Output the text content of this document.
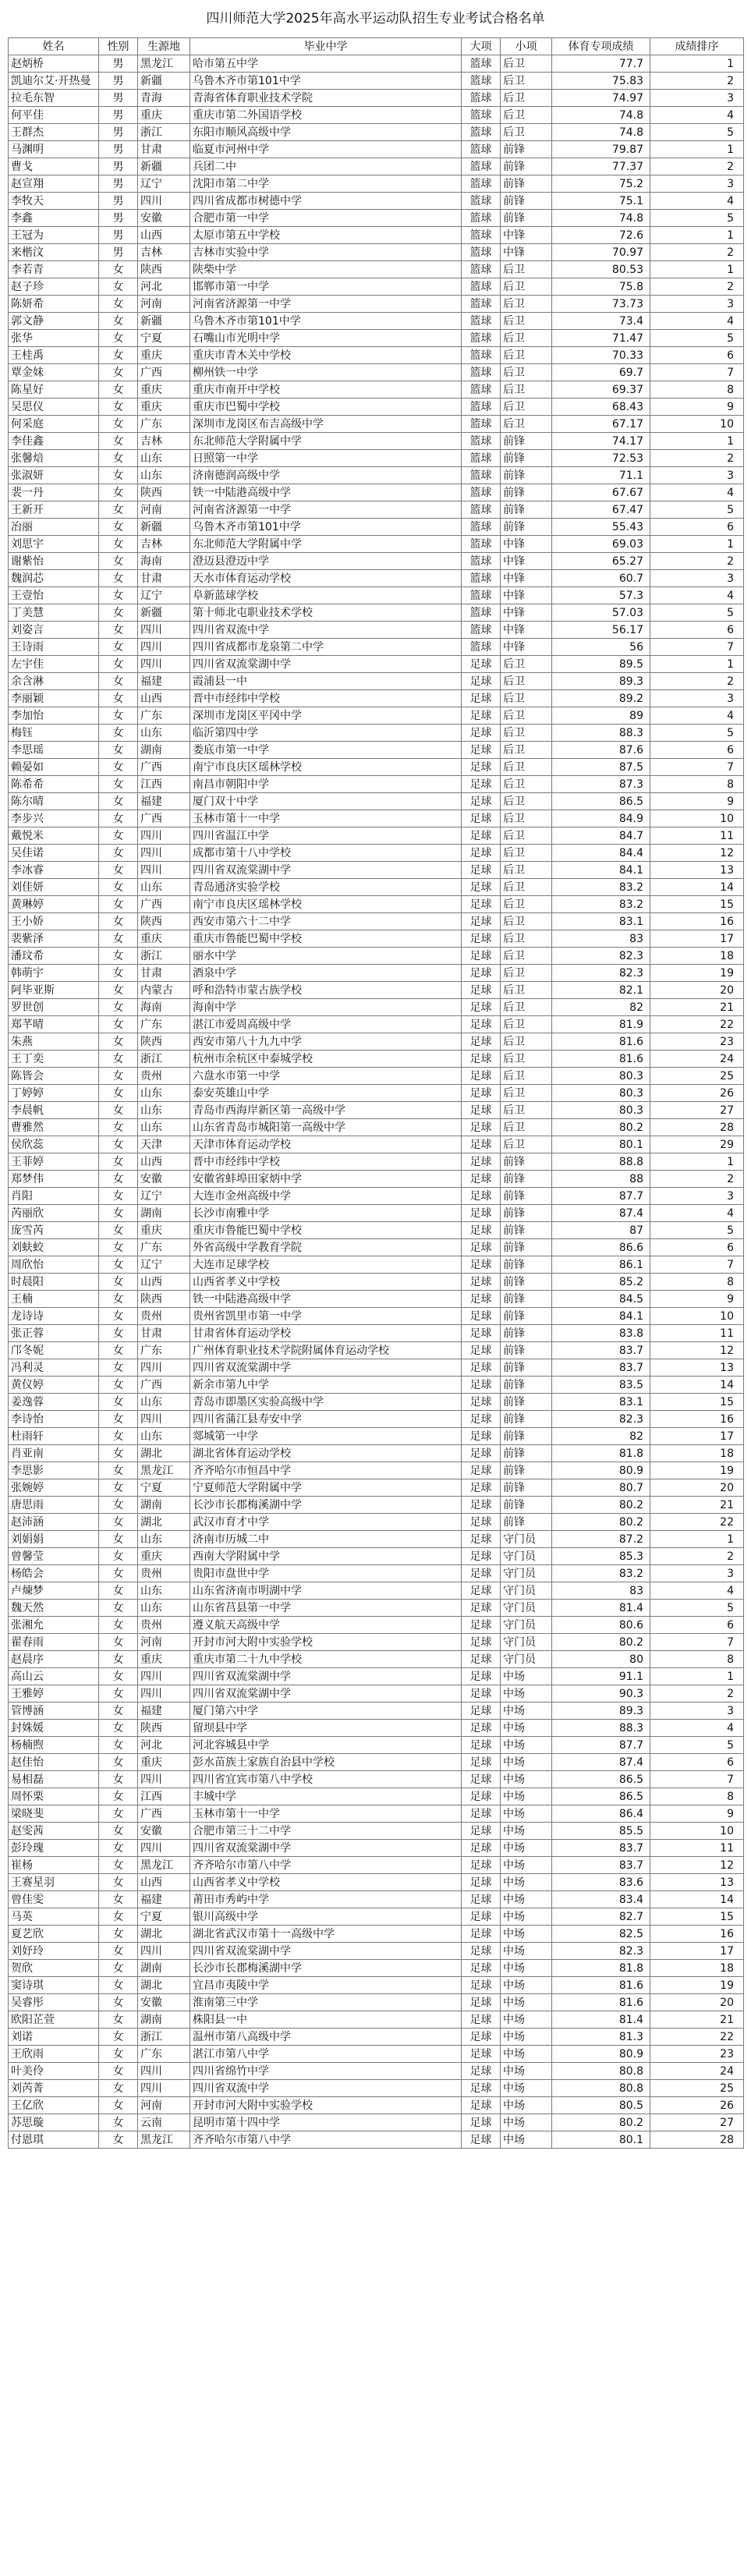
四川师范大学2025年高水平运动队招生专业考试合格名单
姓名	性别	生源地	毕业中学	大项	小项	体育专项成绩	成绩排序
赵炳桥	男	黑龙江	哈市第五中学	篮球	后卫	77.7	1
凯迪尔艾·开热曼	男	新疆	乌鲁木齐市第101中学	篮球	后卫	75.83	2
拉毛东智	男	青海	青海省体育职业技术学院	篮球	后卫	74.97	3
何平佳	男	重庆	重庆市第二外国语学校	篮球	后卫	74.8	4
王群杰	男	浙江	东阳市顺风高级中学	篮球	后卫	74.8	5
马渊明	男	甘肃	临夏市河州中学	篮球	前锋	79.87	1
曹戈	男	新疆	兵团二中	篮球	前锋	77.37	2
赵宣翔	男	辽宁	沈阳市第二中学	篮球	前锋	75.2	3
李牧天	男	四川	四川省成都市树德中学	篮球	前锋	75.1	4
李鑫	男	安徽	合肥市第一中学	篮球	前锋	74.8	5
王冠为	男	山西	太原市第五中学校	篮球	中锋	72.6	1
来楷汶	男	吉林	吉林市实验中学	篮球	中锋	70.97	2
李若青	女	陕西	陕柴中学	篮球	后卫	80.53	1
赵子珍	女	河北	邯郸市第一中学	篮球	后卫	75.8	2
陈妍希	女	河南	河南省济源第一中学	篮球	后卫	73.73	3
郭文静	女	新疆	乌鲁木齐市第101中学	篮球	后卫	73.4	4
张华	女	宁夏	石嘴山市光明中学	篮球	后卫	71.47	5
王桂禹	女	重庆	重庆市青木关中学校	篮球	后卫	70.33	6
覃金妹	女	广西	柳州铁一中学	篮球	后卫	69.7	7
陈星好	女	重庆	重庆市南开中学校	篮球	后卫	69.37	8
吴思仪	女	重庆	重庆市巴蜀中学校	篮球	后卫	68.43	9
何采庭	女	广东	深圳市龙岗区布吉高级中学	篮球	后卫	67.17	10
李佳鑫	女	吉林	东北师范大学附属中学	篮球	前锋	74.17	1
张馨焙	女	山东	日照第一中学	篮球	前锋	72.53	2
张淑妍	女	山东	济南德润高级中学	篮球	前锋	71.1	3
裴一丹	女	陕西	铁一中陆港高级中学	篮球	前锋	67.67	4
王新开	女	河南	河南省济源第一中学	篮球	前锋	67.47	5
冶丽	女	新疆	乌鲁木齐市第101中学	篮球	前锋	55.43	6
刘思宇	女	吉林	东北师范大学附属中学	篮球	中锋	69.03	1
谢紫怡	女	海南	澄迈县澄迈中学	篮球	中锋	65.27	2
魏润芯	女	甘肃	天水市体育运动学校	篮球	中锋	60.7	3
王壹怡	女	辽宁	阜新蓝球学校	篮球	中锋	57.3	4
丁美慧	女	新疆	第十师北屯职业技术学校	篮球	中锋	57.03	5
刘姿言	女	四川	四川省双流中学	篮球	中锋	56.17	6
王诗雨	女	四川	四川省成都市龙泉第二中学	篮球	中锋	56	7
左宇佳	女	四川	四川省双流棠湖中学	足球	后卫	89.5	1
余含淋	女	福建	霞浦县一中	足球	后卫	89.3	2
李丽颖	女	山西	晋中市经纬中学校	足球	后卫	89.2	3
李加怡	女	广东	深圳市龙岗区平冈中学	足球	后卫	89	4
梅钰	女	山东	临沂第四中学	足球	后卫	88.3	5
李思瑶	女	湖南	娄底市第一中学	足球	后卫	87.6	6
赖晏如	女	广西	南宁市良庆区瑶林学校	足球	后卫	87.5	7
陈希希	女	江西	南昌市朝阳中学	足球	后卫	87.3	8
陈尔晴	女	福建	厦门双十中学	足球	后卫	86.5	9
李步兴	女	广西	玉林市第十一中学	足球	后卫	84.9	10
戴悦米	女	四川	四川省温江中学	足球	后卫	84.7	11
吴佳诺	女	四川	成都市第十八中学校	足球	后卫	84.4	12
李冰睿	女	四川	四川省双流棠湖中学	足球	后卫	84.1	13
刘佳妍	女	山东	青岛通济实验学校	足球	后卫	83.2	14
黄琳婷	女	广西	南宁市良庆区瑶林学校	足球	后卫	83.2	15
王小娇	女	陕西	西安市第六十二中学	足球	后卫	83.1	16
裴紫泽	女	重庆	重庆市鲁能巴蜀中学校	足球	后卫	83	17
潘玟希	女	浙江	丽水中学	足球	后卫	82.3	18
韩萌宇	女	甘肃	酒泉中学	足球	后卫	82.3	19
阿毕亚斯	女	内蒙古	呼和浩特市蒙古族学校	足球	后卫	82.1	20
罗世创	女	海南	海南中学	足球	后卫	82	21
郑芊晴	女	广东	湛江市爱周高级中学	足球	后卫	81.9	22
朱燕	女	陕西	西安市第八十九九中学	足球	后卫	81.6	23
王丁奕	女	浙江	杭州市余杭区中泰城学校	足球	后卫	81.6	24
陈皆会	女	贵州	六盘水市第一中学	足球	后卫	80.3	25
丁婷婷	女	山东	泰安英雄山中学	足球	后卫	80.3	26
李晨帆	女	山东	青岛市西海岸新区第一高级中学	足球	后卫	80.3	27
曹雅然	女	山东	山东省青岛市城阳第一高级中学	足球	后卫	80.2	28
侯欣蕊	女	天津	天津市体育运动学校	足球	后卫	80.1	29
王菲婷	女	山西	晋中市经纬中学校	足球	前锋	88.8	1
郑梦伟	女	安徽	安徽省蚌埠田家炳中学	足球	前锋	88	2
肖阳	女	辽宁	大连市金州高级中学	足球	前锋	87.7	3
芮丽欣	女	湖南	长沙市南雅中学	足球	前锋	87.4	4
庞雪芮	女	重庆	重庆市鲁能巴蜀中学校	足球	前锋	87	5
刘蚨蛟	女	广东	外省高级中学教育学院	足球	前锋	86.6	6
周欣怡	女	辽宁	大连市足球学校	足球	前锋	86.1	7
时晨阳	女	山西	山西省孝义中学校	足球	前锋	85.2	8
王楠	女	陕西	铁一中陆港高级中学	足球	前锋	84.5	9
龙诗诗	女	贵州	贵州省凯里市第一中学	足球	前锋	84.1	10
张正蓉	女	甘肃	甘肃省体育运动学校	足球	前锋	83.8	11
邝冬妮	女	广东	广州体育职业技术学院附属体育运动学校	足球	前锋	83.7	12
冯利灵	女	四川	四川省双流棠湖中学	足球	前锋	83.7	13
黄仪婷	女	广西	新余市第九中学	足球	前锋	83.5	14
姜逸蓉	女	山东	青岛市即墨区实验高级中学	足球	前锋	83.1	15
李诗怡	女	四川	四川省蒲江县寿安中学	足球	前锋	82.3	16
杜雨轩	女	山东	郯城第一中学	足球	前锋	82	17
肖亚南	女	湖北	湖北省体育运动学校	足球	前锋	81.8	18
李思影	女	黑龙江	齐齐哈尔市恒昌中学	足球	前锋	80.9	19
张婉婷	女	宁夏	宁夏师范大学附属中学	足球	前锋	80.7	20
唐思雨	女	湖南	长沙市长郡梅溪湖中学	足球	前锋	80.2	21
赵沛涵	女	湖北	武汉市育才中学	足球	前锋	80.2	22
刘娟娟	女	山东	济南市历城二中	足球	守门员	87.2	1
曾馨莹	女	重庆	西南大学附属中学	足球	守门员	85.3	2
杨皓会	女	贵州	贵阳市盘世中学	足球	守门员	83.2	3
卢煉梦	女	山东	山东省济南市明湖中学	足球	守门员	83	4
魏天然	女	山东	山东省莒县第一中学	足球	守门员	81.4	5
张湘允	女	贵州	遵义航天高级中学	足球	守门员	80.6	6
翟春雨	女	河南	开封市河大附中实验学校	足球	守门员	80.2	7
赵晨序	女	重庆	重庆市第二十九中学校	足球	守门员	80	8
高山云	女	四川	四川省双流棠湖中学	足球	中场	91.1	1
王雅婷	女	四川	四川省双流棠湖中学	足球	中场	90.3	2
管博涵	女	福建	厦门第六中学	足球	中场	89.3	3
封姝媛	女	陕西	留坝县中学	足球	中场	88.3	4
杨楠煦	女	河北	河北容城县中学	足球	中场	87.7	5
赵佳怡	女	重庆	彭水苗族土家族自治县中学校	足球	中场	87.4	6
易相磊	女	四川	四川省宜宾市第八中学校	足球	中场	86.5	7
周怀栗	女	江西	丰城中学	足球	中场	86.5	8
梁晓斐	女	广西	玉林市第十一中学	足球	中场	86.4	9
赵雯茜	女	安徽	合肥市第三十二中学	足球	中场	85.5	10
彭玲瑰	女	四川	四川省双流棠湖中学	足球	中场	83.7	11
崔杨	女	黑龙江	齐齐哈尔市第八中学	足球	中场	83.7	12
王赛星羽	女	山西	山西省孝义中学校	足球	中场	83.6	13
曾佳雯	女	福建	莆田市秀屿中学	足球	中场	83.4	14
马英	女	宁夏	银川高级中学	足球	中场	82.7	15
夏艺欣	女	湖北	湖北省武汉市第十一高级中学	足球	中场	82.5	16
刘妤玲	女	四川	四川省双流棠湖中学	足球	中场	82.3	17
贺欣	女	湖南	长沙市长郡梅溪湖中学	足球	中场	81.8	18
窦诗琪	女	湖北	宜昌市夷陵中学	足球	中场	81.6	19
吴睿彤	女	安徽	淮南第三中学	足球	中场	81.6	20
欧阳芷萱	女	湖南	株阳县一中	足球	中场	81.4	21
刘诺	女	浙江	温州市第八高级中学	足球	中场	81.3	22
王欣雨	女	广东	湛江市第八中学	足球	中场	80.9	23
叶美伶	女	四川	四川省绵竹中学	足球	中场	80.8	24
刘芮菁	女	四川	四川省双流中学	足球	中场	80.8	25
王亿欣	女	河南	开封市河大附中实验学校	足球	中场	80.5	26
苏思璇	女	云南	昆明市第十四中学	足球	中场	80.2	27
付恩琪	女	黑龙江	齐齐哈尔市第八中学	足球	中场	80.1	28
